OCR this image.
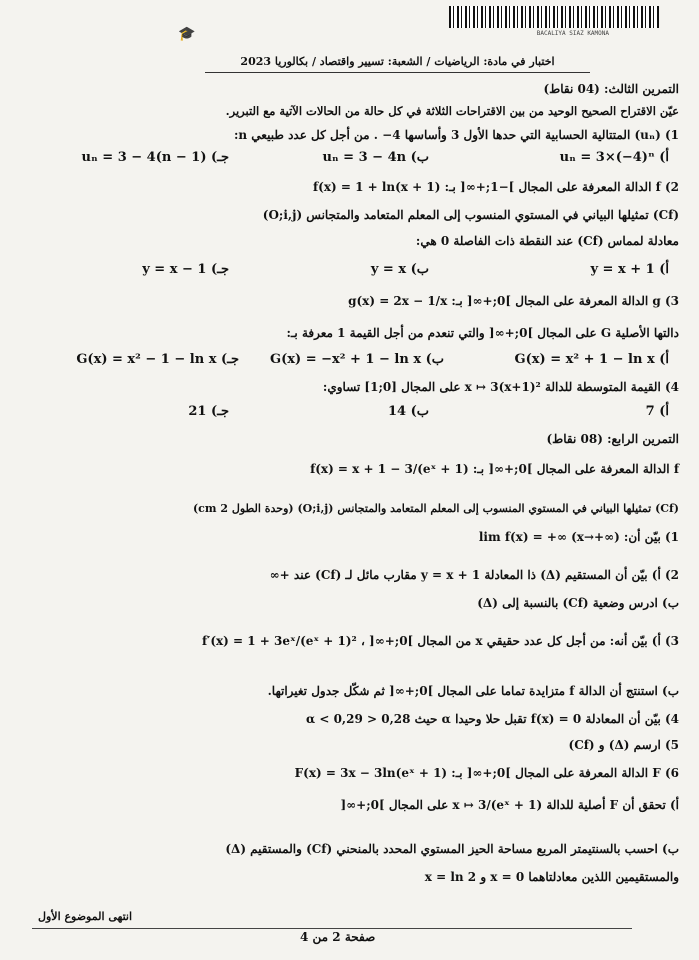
BACALIYA SIAZ KAMONA
🎓
اختبار في مادة: الرياضيات / الشعبة: تسيير واقتصاد / بكالوريا 2023
التمرين الثالث: (04 نقاط)
عيّن الاقتراح الصحيح الوحيد من بين الاقتراحات الثلاثة في كل حالة من الحالات الآتية مع التبرير.
1) (uₙ) المتتالية الحسابية التي حدها الأول 3 وأساسها 4− . من أجل كل عدد طبيعي n:
أ) uₙ = 3×(−4)ⁿ
ب) uₙ = 3 − 4n
جـ) uₙ = 3 − 4(n − 1)
2) f الدالة المعرفة على المجال ]−1;+∞[ بـ: f(x) = 1 + ln(x + 1)
(Cf) تمثيلها البياني في المستوي المنسوب إلى المعلم المتعامد والمتجانس (O;i,j)
معادلة لمماس (Cf) عند النقطة ذات الفاصلة 0 هي:
أ) y = x + 1
ب) y = x
جـ) y = x − 1
3) g الدالة المعرفة على المجال ]0;+∞[ بـ: g(x) = 2x − 1/x
دالتها الأصلية G على المجال ]0;+∞[ والتي تنعدم من أجل القيمة 1 معرفة بـ:
أ) G(x) = x² + 1 − ln x
ب) G(x) = −x² + 1 − ln x
جـ) G(x) = x² − 1 − ln x
4) القيمة المتوسطة للدالة x ↦ 3(x+1)² على المجال [0;1] تساوي:
أ) 7
ب) 14
جـ) 21
التمرين الرابع: (08 نقاط)
f الدالة المعرفة على المجال ]0;+∞[ بـ: f(x) = x + 1 − 3/(eˣ + 1)
(Cf) تمثيلها البياني في المستوي المنسوب إلى المعلم المتعامد والمتجانس (O;i,j) (وحدة الطول 2 cm)
1) بيّن أن: lim f(x) = +∞ (x→+∞)
2) أ) بيّن أن المستقيم (Δ) ذا المعادلة y = x + 1 مقارب مائل لـ (Cf) عند +∞
ب) ادرس وضعية (Cf) بالنسبة إلى (Δ)
3) أ) بيّن أنه: من أجل كل عدد حقيقي x من المجال ]0;+∞[ ، f′(x) = 1 + 3eˣ/(eˣ + 1)²
ب) استنتج أن الدالة f متزايدة تماما على المجال ]0;+∞[ ثم شكّل جدول تغيراتها.
4) بيّن أن المعادلة f(x) = 0 تقبل حلا وحيدا α حيث 0,28 < α < 0,29
5) ارسم (Δ) و (Cf)
6) F الدالة المعرفة على المجال ]0;+∞[ بـ: F(x) = 3x − 3ln(eˣ + 1)
أ) تحقق أن F أصلية للدالة x ↦ 3/(eˣ + 1) على المجال ]0;+∞[
ب) احسب بالسنتيمتر المربع مساحة الحيز المستوي المحدد بالمنحني (Cf) والمستقيم (Δ)
والمستقيمين اللذين معادلتاهما x = 0 و x = ln 2
انتهى الموضوع الأول
صفحة 2 من 4
